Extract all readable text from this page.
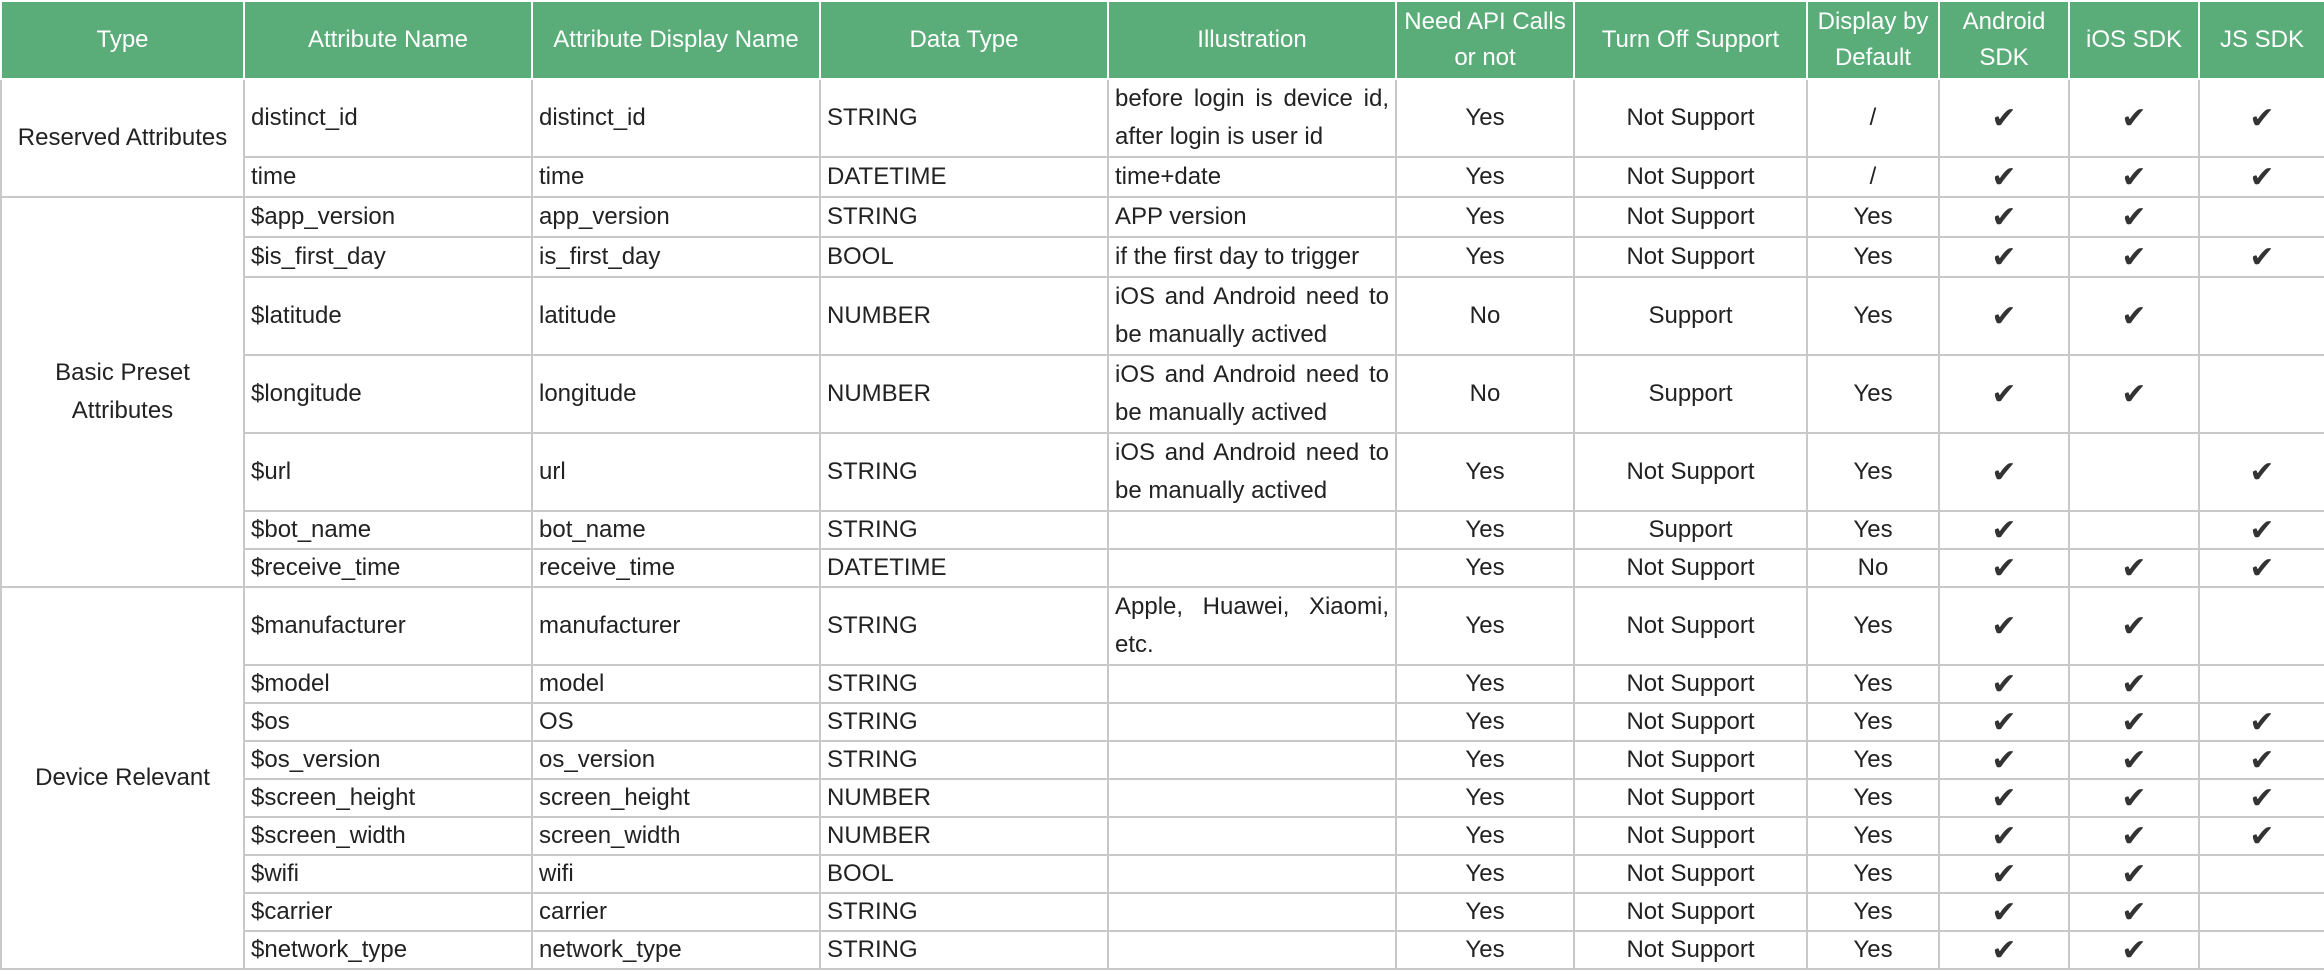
Type	Attribute Name	Attribute Display Name	Data Type	Illustration	Need API Calls or not	Turn Off Support	Display by Default	Android SDK	iOS SDK	JS SDK
Reserved Attributes	distinct_id	distinct_id	STRING	before login is device id, after login is user id	Yes	Not Support	/	✔	✔	✔
	time	time	DATETIME	time+date	Yes	Not Support	/	✔	✔	✔
Basic Preset Attributes	$app_version	app_version	STRING	APP version	Yes	Not Support	Yes	✔	✔	
	$is_first_day	is_first_day	BOOL	if the first day to trigger	Yes	Not Support	Yes	✔	✔	✔
	$latitude	latitude	NUMBER	iOS and Android need to be manually actived	No	Support	Yes	✔	✔	
	$longitude	longitude	NUMBER	iOS and Android need to be manually actived	No	Support	Yes	✔	✔	
	$url	url	STRING	iOS and Android need to be manually actived	Yes	Not Support	Yes	✔		✔
	$bot_name	bot_name	STRING		Yes	Support	Yes	✔		✔
	$receive_time	receive_time	DATETIME		Yes	Not Support	No	✔	✔	✔
Device Relevant	$manufacturer	manufacturer	STRING	Apple, Huawei, Xiaomi, etc.	Yes	Not Support	Yes	✔	✔	
	$model	model	STRING		Yes	Not Support	Yes	✔	✔	
	$os	OS	STRING		Yes	Not Support	Yes	✔	✔	✔
	$os_version	os_version	STRING		Yes	Not Support	Yes	✔	✔	✔
	$screen_height	screen_height	NUMBER		Yes	Not Support	Yes	✔	✔	✔
	$screen_width	screen_width	NUMBER		Yes	Not Support	Yes	✔	✔	✔
	$wifi	wifi	BOOL		Yes	Not Support	Yes	✔	✔	
	$carrier	carrier	STRING		Yes	Not Support	Yes	✔	✔	
	$network_type	network_type	STRING		Yes	Not Support	Yes	✔	✔	
